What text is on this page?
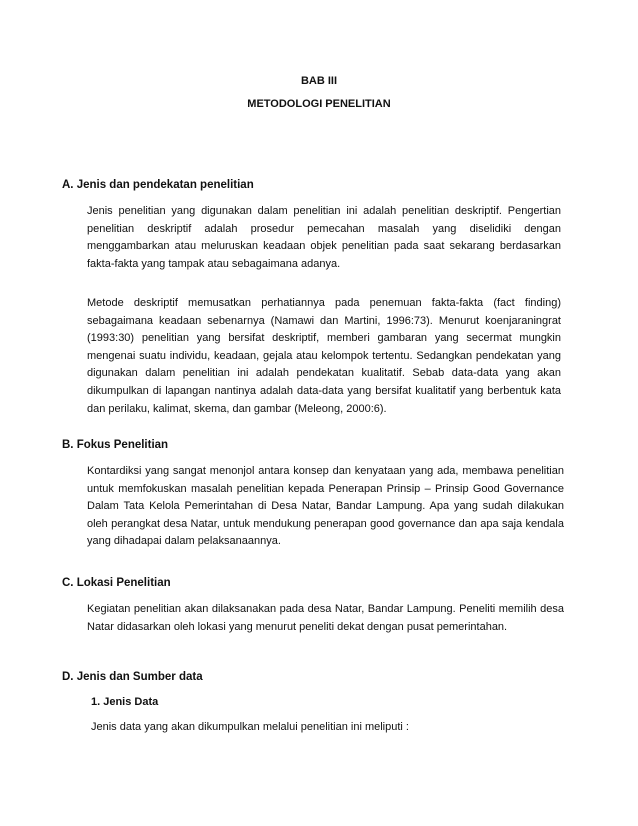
BAB III
METODOLOGI PENELITIAN
A. Jenis dan pendekatan penelitian
Jenis penelitian yang digunakan dalam penelitian ini adalah penelitian deskriptif. Pengertian penelitian deskriptif adalah prosedur pemecahan masalah yang diselidiki dengan menggambarkan atau meluruskan keadaan objek penelitian pada saat sekarang berdasarkan fakta-fakta yang tampak atau sebagaimana adanya.
Metode deskriptif memusatkan perhatiannya pada penemuan fakta-fakta (fact finding) sebagaimana keadaan sebenarnya (Namawi dan Martini, 1996:73). Menurut koenjaraningrat (1993:30) penelitian yang bersifat deskriptif, memberi gambaran yang secermat mungkin mengenai suatu individu, keadaan, gejala atau kelompok tertentu. Sedangkan pendekatan yang digunakan dalam penelitian ini adalah pendekatan kualitatif. Sebab data-data yang akan dikumpulkan di lapangan nantinya adalah data-data yang bersifat kualitatif yang berbentuk kata dan perilaku, kalimat, skema, dan gambar (Meleong, 2000:6).
B. Fokus Penelitian
Kontardiksi yang sangat menonjol antara konsep dan kenyataan yang ada, membawa penelitian untuk memfokuskan masalah penelitian kepada Penerapan Prinsip – Prinsip Good Governance Dalam Tata Kelola Pemerintahan di Desa Natar, Bandar Lampung. Apa yang sudah dilakukan oleh perangkat desa Natar, untuk mendukung penerapan good governance dan apa saja kendala yang dihadapai dalam pelaksanaannya.
C. Lokasi Penelitian
Kegiatan penelitian akan dilaksanakan pada desa Natar, Bandar Lampung. Peneliti memilih desa Natar didasarkan oleh lokasi yang menurut peneliti dekat dengan pusat pemerintahan.
D. Jenis dan Sumber data
1. Jenis Data
Jenis data yang akan dikumpulkan melalui penelitian ini meliputi :
